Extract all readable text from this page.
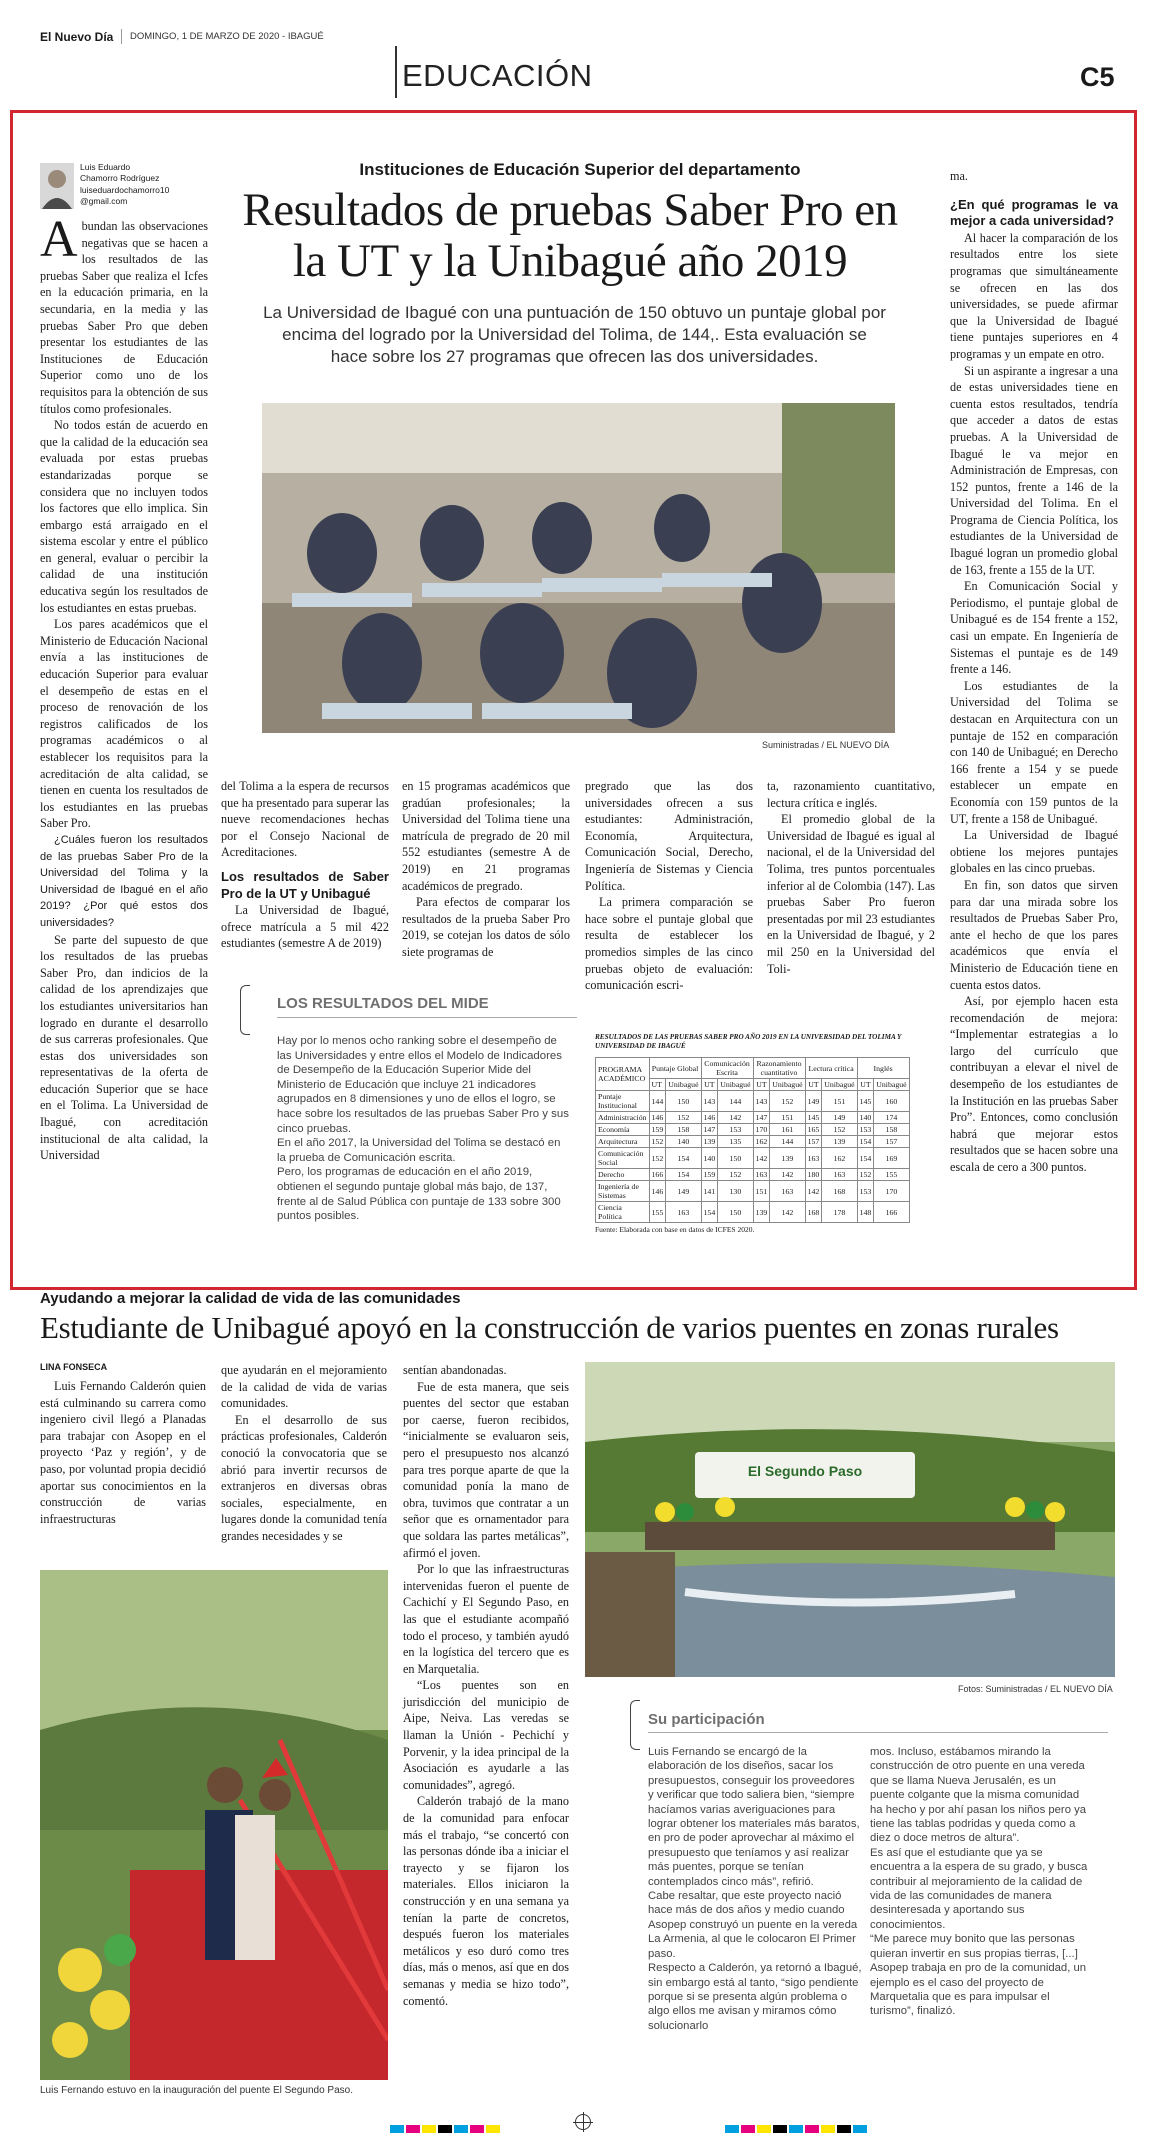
El Nuevo Día DOMINGO, 1 DE MARZO DE 2020 - IBAGUÉ
EDUCACIÓN	C5
Luis Eduardo Chamorro Rodríguez
luiseduardochamorro10@gmail.com
Instituciones de Educación Superior del departamento
Resultados de pruebas Saber Pro en la UT y la Unibagué año 2019
La Universidad de Ibagué con una puntuación de 150 obtuvo un puntaje global por encima del logrado por la Universidad del Tolima, de 144,. Esta evaluación se hace sobre los 27 programas que ofrecen las dos universidades.
Suministradas / EL NUEVO DÍA

Abundan las observaciones negativas que se hacen a los resultados de las pruebas Saber que realiza el Icfes en la educación primaria, en la secundaria, en la media y las pruebas Saber Pro que deben presentar los estudiantes de las Instituciones de Educación Superior como uno de los requisitos para la obtención de sus títulos como profesionales.

No todos están de acuerdo en que la calidad de la educación sea evaluada por estas pruebas estandarizadas porque se considera que no incluyen todos los factores que ello implica. Sin embargo está arraigado en el sistema escolar y entre el público en general, evaluar o percibir la calidad de una institución educativa según los resultados de los estudiantes en estas pruebas.

Los pares académicos que el Ministerio de Educación Nacional envía a las instituciones de educación Superior para evaluar el desempeño de estas en el proceso de renovación de los registros calificados de los programas académicos o al establecer los requisitos para la acreditación de alta calidad, se tienen en cuenta los resultados de los estudiantes en las pruebas Saber Pro.

¿Cuáles fueron los resultados de las pruebas Saber Pro de la Universidad del Tolima y la Universidad de Ibagué en el año 2019? ¿Por qué estos dos universidades?

Se parte del supuesto de que los resultados de las pruebas Saber Pro, dan indicios de la calidad de los aprendizajes que los estudiantes universitarios han logrado en durante el desarrollo de sus carreras profesionales. Que estas dos universidades son representativas de la oferta de educación Superior que se hace en el Tolima. La Universidad de Ibagué, con acreditación institucional de alta calidad, la Universidad

del Tolima a la espera de recursos que ha presentado para superar las nueve recomendaciones hechas por el Consejo Nacional de Acreditaciones.

Los resultados de Saber Pro de la UT y Unibagué

La Universidad de Ibagué, ofrece matrícula a 5 mil 422 estudiantes (semestre A de 2019)

en 15 programas académicos que gradúan profesionales; la Universidad del Tolima tiene una matrícula de pregrado de 20 mil 552 estudiantes (semestre A de 2019) en 21 programas académicos de pregrado.

Para efectos de comparar los resultados de la prueba Saber Pro 2019, se cotejan los datos de sólo siete programas de

pregrado que las dos universidades ofrecen a sus estudiantes: Administración, Economía, Arquitectura, Comunicación Social, Derecho, Ingeniería de Sistemas y Ciencia Política.

La primera comparación se hace sobre el puntaje global que resulta de establecer los promedios simples de las cinco pruebas objeto de evaluación: comunicación escri-

ta, razonamiento cuantitativo, lectura crítica e inglés.

El promedio global de la Universidad de Ibagué es igual al nacional, el de la Universidad del Tolima, tres puntos porcentuales inferior al de Colombia (147). Las pruebas Saber Pro fueron presentadas por mil 23 estudiantes en la Universidad de Ibagué, y 2 mil 250 en la Universidad del Toli-

ma.

¿En qué programas le va mejor a cada universidad?

Al hacer la comparación de los resultados entre los siete programas que simultáneamente se ofrecen en las dos universidades, se puede afirmar que la Universidad de Ibagué tiene puntajes superiores en 4 programas y un empate en otro.

Si un aspirante a ingresar a una de estas universidades tiene en cuenta estos resultados, tendría que acceder a datos de estas pruebas. A la Universidad de Ibagué le va mejor en Administración de Empresas, con 152 puntos, frente a 146 de la Universidad del Tolima. En el Programa de Ciencia Política, los estudiantes de la Universidad de Ibagué logran un promedio global de 163, frente a 155 de la UT.

En Comunicación Social y Periodismo, el puntaje global de Unibagué es de 154 frente a 152, casi un empate. En Ingeniería de Sistemas el puntaje es de 149 frente a 146.

Los estudiantes de la Universidad del Tolima se destacan en Arquitectura con un puntaje de 152 en comparación con 140 de Unibagué; en Derecho 166 frente a 154 y se puede establecer un empate en Economía con 159 puntos de la UT, frente a 158 de Unibagué.

La Universidad de Ibagué obtiene los mejores puntajes globales en las cinco pruebas.

En fin, son datos que sirven para dar una mirada sobre los resultados de Pruebas Saber Pro, ante el hecho de que los pares académicos que envía el Ministerio de Educación tiene en cuenta estos datos.

Así, por ejemplo hacen esta recomendación de mejora: “Implementar estrategias a lo largo del currículo que contribuyan a elevar el nivel de desempeño de los estudiantes de la Institución en las pruebas Saber Pro”. Entonces, como conclusión habrá que mejorar estos resultados que se hacen sobre una escala de cero a 300 puntos.

LOS RESULTADOS DEL MIDE

Hay por lo menos ocho ranking sobre el desempeño de las Universidades y entre ellos el Modelo de Indicadores de Desempeño de la Educación Superior Mide del Ministerio de Educación que incluye 21 indicadores agrupados en 8 dimensiones y uno de ellos el logro, se hace sobre los resultados de las pruebas Saber Pro y sus cinco pruebas.

En el año 2017, la Universidad del Tolima se destacó en la prueba de Comunicación escrita.

Pero, los programas de educación en el año 2019, obtienen el segundo puntaje global más bajo, de 137, frente al de Salud Pública con puntaje de 133 sobre 300 puntos posibles.

RESULTADOS DE LAS PRUEBAS SABER PRO AÑO 2019 EN LA UNIVERSIDAD DEL TOLIMA Y UNIVERSIDAD DE IBAGUÉ
PROGRAMA ACADÉMICO	Puntaje Global		Comunicación Escrita		Razonamiento cuantitativo		Lectura crítica		Inglés	
	UT	Unibagué	UT	Unibagué	UT	Unibagué	UT	Unibagué	UT	Unibagué
Puntaje Institucional	144	150	143	144	143	152	149	151	145	160
Administración	146	152	146	142	147	151	145	149	140	174
Economía	159	158	147	153	170	161	165	152	153	158
Arquitectura	152	140	139	135	162	144	157	139	154	157
Comunicación Social	152	154	140	150	142	139	163	162	154	169
Derecho	166	154	159	152	163	142	180	163	152	155
Ingeniería de Sistemas	146	149	141	130	151	163	142	168	153	170
Ciencia Política	155	163	154	150	139	142	168	178	148	166
Fuente: Elaborada con base en datos de ICFES 2020.
Ayudando a mejorar la calidad de vida de las comunidades
Estudiante de Unibagué apoyó en la construcción de varios puentes en zonas rurales
LINA FONSECA

Luis Fernando Calderón quien está culminando su carrera como ingeniero civil llegó a Planadas para trabajar con Asopep en el proyecto ‘Paz y región’, y de paso, por voluntad propia decidió aportar sus conocimientos en la construcción de varias infraestructuras

que ayudarán en el mejoramiento de la calidad de vida de varias comunidades.

En el desarrollo de sus prácticas profesionales, Calderón conoció la convocatoria que se abrió para invertir recursos de extranjeros en diversas obras sociales, especialmente, en lugares donde la comunidad tenía grandes necesidades y se

sentían abandonadas.

Fue de esta manera, que seis puentes del sector que estaban por caerse, fueron recibidos, “inicialmente se evaluaron seis, pero el presupuesto nos alcanzó para tres porque aparte de que la comunidad ponía la mano de obra, tuvimos que contratar a un señor que es ornamentador para que soldara las partes metálicas”, afirmó el joven.

Por lo que las infraestructuras intervenidas fueron el puente de Cachichí y El Segundo Paso, en las que el estudiante acompañó todo el proceso, y también ayudó en la logística del tercero que es en Marquetalia.

“Los puentes son en jurisdicción del municipio de Aipe, Neiva. Las veredas se llaman la Unión - Pechichí y Porvenir, y la idea principal de la Asociación es ayudarle a las comunidades”, agregó.

Calderón trabajó de la mano de la comunidad para enfocar más el trabajo, “se concertó con las personas dónde iba a iniciar el trayecto y se fijaron los materiales. Ellos iniciaron la construcción y en una semana ya tenían la parte de concretos, después fueron los materiales metálicos y eso duró como tres días, más o menos, así que en dos semanas y media se hizo todo”, comentó.

Luis Fernando estuvo en la inauguración del puente El Segundo Paso.
El Segundo Paso
Fotos: Suministradas / EL NUEVO DÍA
Su participación
Luis Fernando se encargó de la elaboración de los diseños, sacar los presupuestos, conseguir los proveedores y verificar que todo saliera bien, “siempre hacíamos varias averiguaciones para lograr obtener los materiales más baratos, en pro de poder aprovechar al máximo el presupuesto que teníamos y así realizar más puentes, porque se tenían contemplados cinco más”, refirió.
Cabe resaltar, que este proyecto nació hace más de dos años y medio cuando Asopep construyó un puente en la vereda La Armenia, al que le colocaron El Primer paso.
Respecto a Calderón, ya retornó a Ibagué, sin embargo está al tanto, “sigo pendiente porque si se presenta algún problema o algo ellos me avisan y miramos cómo solucionarlo
mos. Incluso, estábamos mirando la construcción de otro puente en una vereda que se llama Nueva Jerusalén, es un puente colgante que la misma comunidad ha hecho y por ahí pasan los niños pero ya tiene las tablas podridas y queda como a diez o doce metros de altura”.
Es así que el estudiante que ya se encuentra a la espera de su grado, y busca contribuir al mejoramiento de la calidad de vida de las comunidades de manera desinteresada y aportando sus conocimientos.
“Me parece muy bonito que las personas quieran invertir en sus propias tierras, [...] Asopep trabaja en pro de la comunidad, un ejemplo es el caso del proyecto de Marquetalia que es para impulsar el turismo”, finalizó.
